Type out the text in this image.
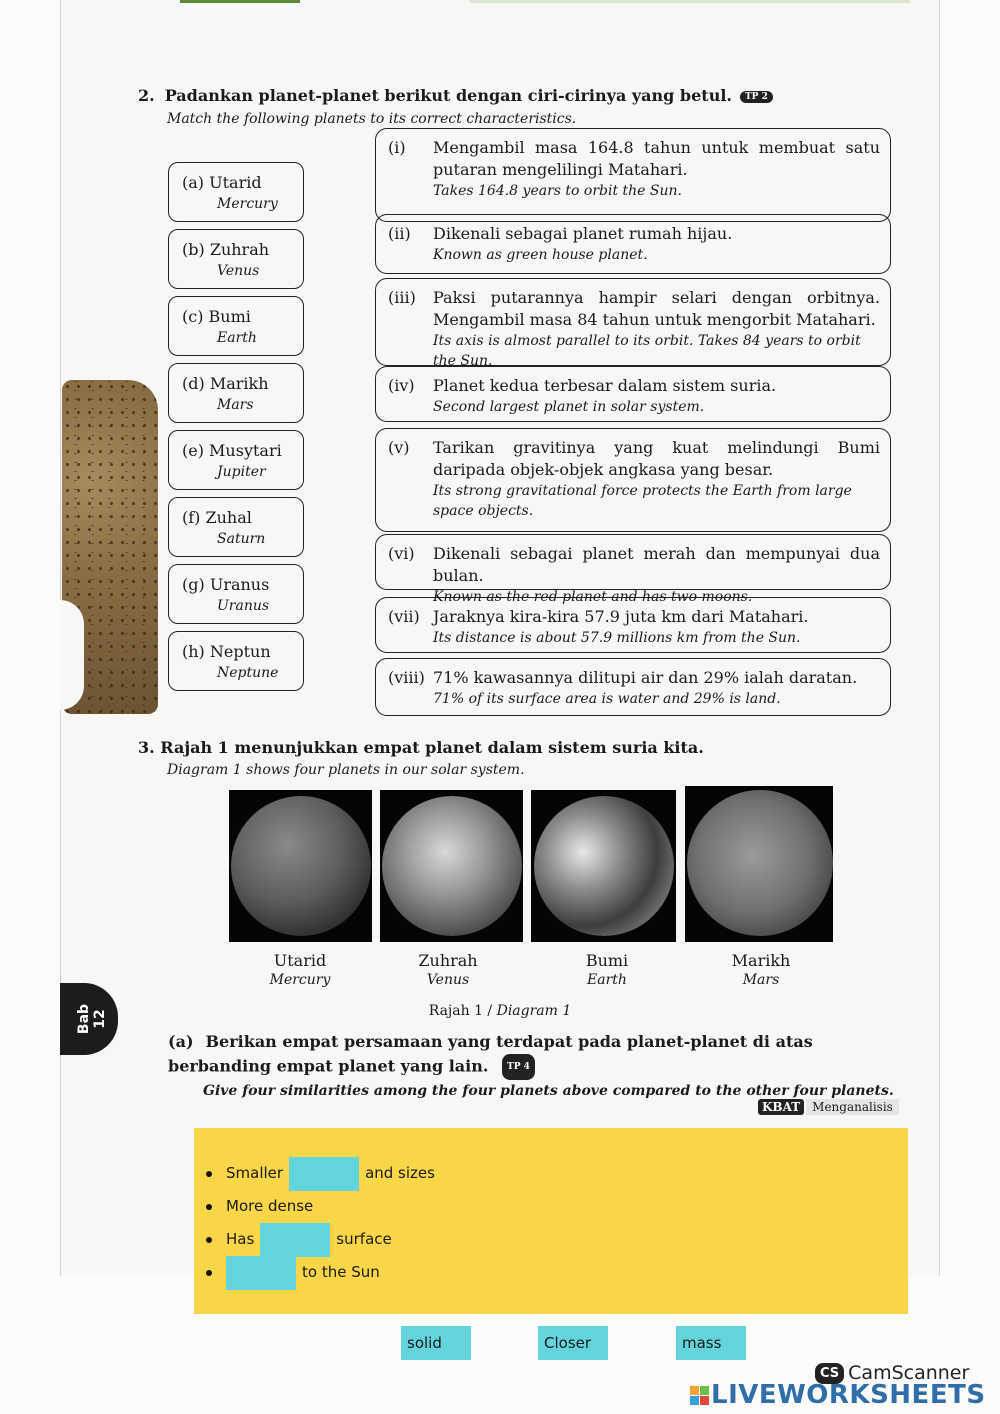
2. Padankan planet-planet berikut dengan ciri-cirinya yang betul. TP 2
Match the following planets to its correct characteristics.
(a) Utarid
Mercury
(b) Zuhrah
Venus
(c) Bumi
Earth
(d) Marikh
Mars
(e) Musytari
Jupiter
(f) Zuhal
Saturn
(g) Uranus
Uranus
(h) Neptun
Neptune
(i) Mengambil masa 164.8 tahun untuk membuat satu putaran mengelilingi Matahari.
Takes 164.8 years to orbit the Sun.
(ii) Dikenali sebagai planet rumah hijau.
Known as green house planet.
(iii) Paksi putarannya hampir selari dengan orbitnya. Mengambil masa 84 tahun untuk mengorbit Matahari.
Its axis is almost parallel to its orbit. Takes 84 years to orbit the Sun.
(iv) Planet kedua terbesar dalam sistem suria.
Second largest planet in solar system.
(v) Tarikan gravitinya yang kuat melindungi Bumi daripada objek-objek angkasa yang besar.
Its strong gravitational force protects the Earth from large space objects.
(vi) Dikenali sebagai planet merah dan mempunyai dua bulan.
Known as the red planet and has two moons.
(vii) Jaraknya kira-kira 57.9 juta km dari Matahari.
Its distance is about 57.9 millions km from the Sun.
(viii) 71% kawasannya dilitupi air dan 29% ialah daratan.
71% of its surface area is water and 29% is land.
3. Rajah 1 menunjukkan empat planet dalam sistem suria kita.
Diagram 1 shows four planets in our solar system.
Utarid
Mercury
Zuhrah
Venus
Bumi
Earth
Marikh
Mars
Rajah 1 / Diagram 1
Bab 12
(a) Berikan empat persamaan yang terdapat pada planet-planet di atas berbanding empat planet yang lain. TP 4
Give four similarities among the four planets above compared to the other four planets.
KBAT Menganalisis
Smaller	and sizes
More dense
Has	surface
to the Sun
solid	Closer	mass
CS CamScanner
LIVEWORKSHEETS
